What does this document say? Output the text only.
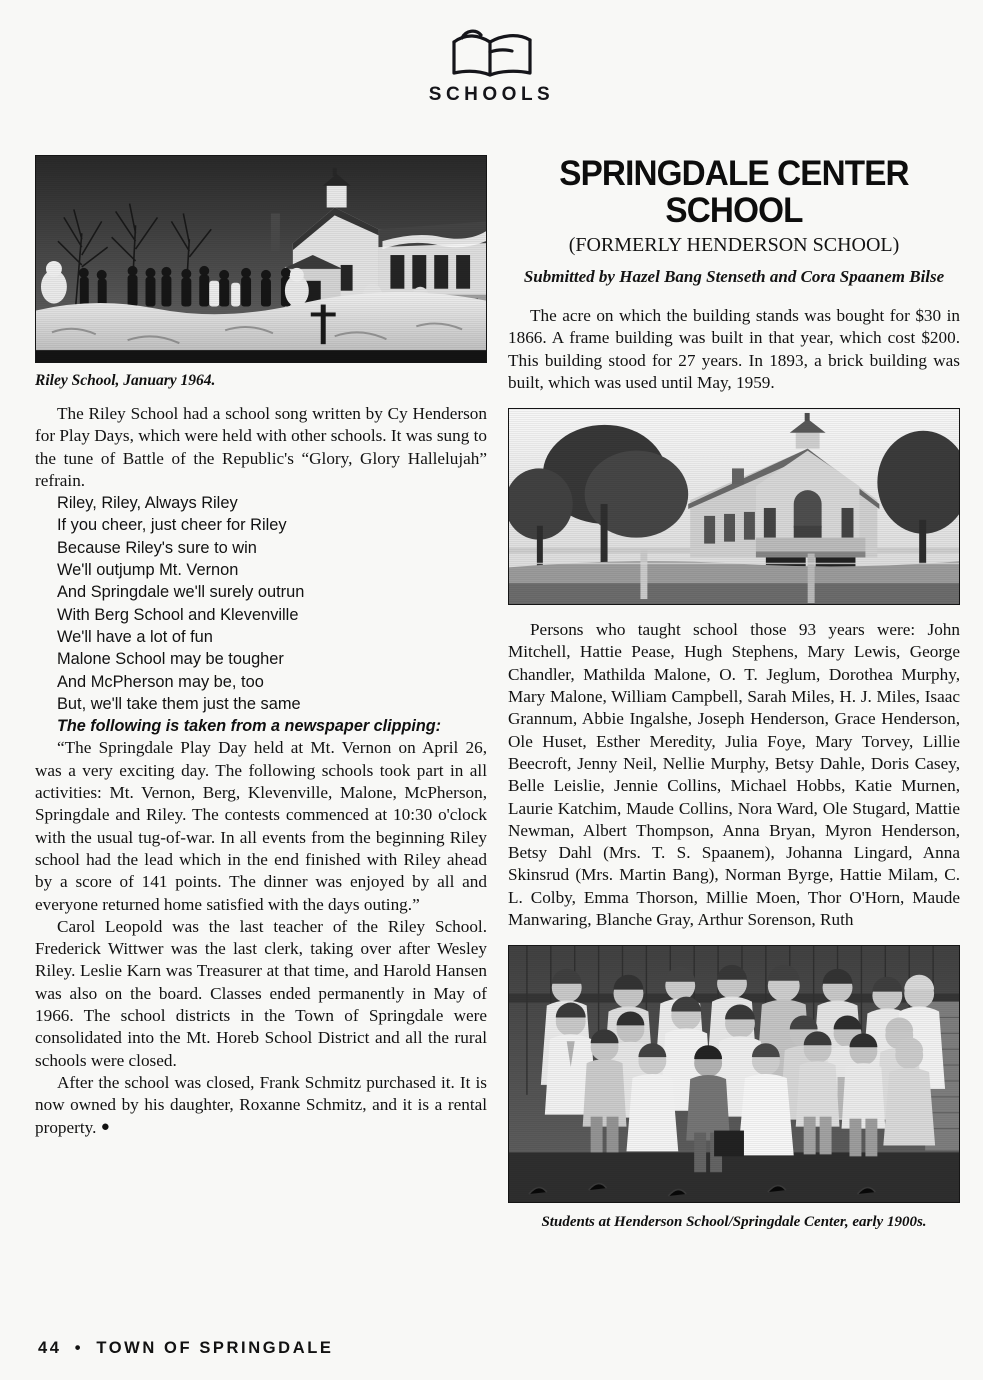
SCHOOLS
Riley School, January 1964.

The Riley School had a school song written by Cy Henderson for Play Days, which were held with other schools. It was sung to the tune of Battle of the Republic's “Glory, Glory Hallelujah” refrain.

Riley, Riley, Always Riley
If you cheer, just cheer for Riley
Because Riley's sure to win
We'll outjump Mt. Vernon
And Springdale we'll surely outrun
With Berg School and Klevenville
We'll have a lot of fun
Malone School may be tougher
And McPherson may be, too
But, we'll take them just the same

The following is taken from a newspaper clipping:

“The Springdale Play Day held at Mt. Vernon on April 26, was a very exciting day. The following schools took part in all activities: Mt. Vernon, Berg, Klevenville, Malone, McPherson, Springdale and Riley. The contests commenced at 10:30 o'clock with the usual tug-of-war. In all events from the beginning Riley school had the lead which in the end finished with Riley ahead by a score of 141 points. The dinner was enjoyed by all and everyone returned home satisfied with the days outing.”

Carol Leopold was the last teacher of the Riley School. Frederick Wittwer was the last clerk, taking over after Wesley Riley. Leslie Karn was Treasurer at that time, and Harold Hansen was also on the board. Classes ended permanently in May of 1966. The school districts in the Town of Springdale were consolidated into the Mt. Horeb School District and all the rural schools were closed.

After the school was closed, Frank Schmitz purchased it. It is now owned by his daughter, Roxanne Schmitz, and it is a rental property. ●

SPRINGDALE CENTER SCHOOL
(FORMERLY HENDERSON SCHOOL)
Submitted by Hazel Bang Stenseth and Cora Spaanem Bilse

The acre on which the building stands was bought for $30 in 1866. A frame building was built in that year, which cost $200. This building stood for 27 years. In 1893, a brick building was built, which was used until May, 1959.

Persons who taught school those 93 years were: John Mitchell, Hattie Pease, Hugh Stephens, Mary Lewis, George Chandler, Mathilda Malone, O. T. Jeglum, Dorothea Murphy, Mary Malone, William Campbell, Sarah Miles, H. J. Miles, Isaac Grannum, Abbie Ingalshe, Joseph Henderson, Grace Henderson, Ole Huset, Esther Meredity, Julia Foye, Mary Torvey, Lillie Beecroft, Jenny Neil, Nellie Murphy, Betsy Dahle, Doris Casey, Belle Leislie, Jennie Collins, Michael Hobbs, Katie Murnen, Laurie Katchim, Maude Collins, Nora Ward, Ole Stugard, Mattie Newman, Albert Thompson, Anna Bryan, Myron Henderson, Betsy Dahl (Mrs. T. S. Spaanem), Johanna Lingard, Anna Skinsrud (Mrs. Martin Bang), Norman Byrge, Hattie Milam, C. L. Colby, Emma Thorson, Millie Moen, Thor O'Horn, Maude Manwaring, Blanche Gray, Arthur Sorenson, Ruth

Students at Henderson School/Springdale Center, early 1900s.
44 • TOWN OF SPRINGDALE
